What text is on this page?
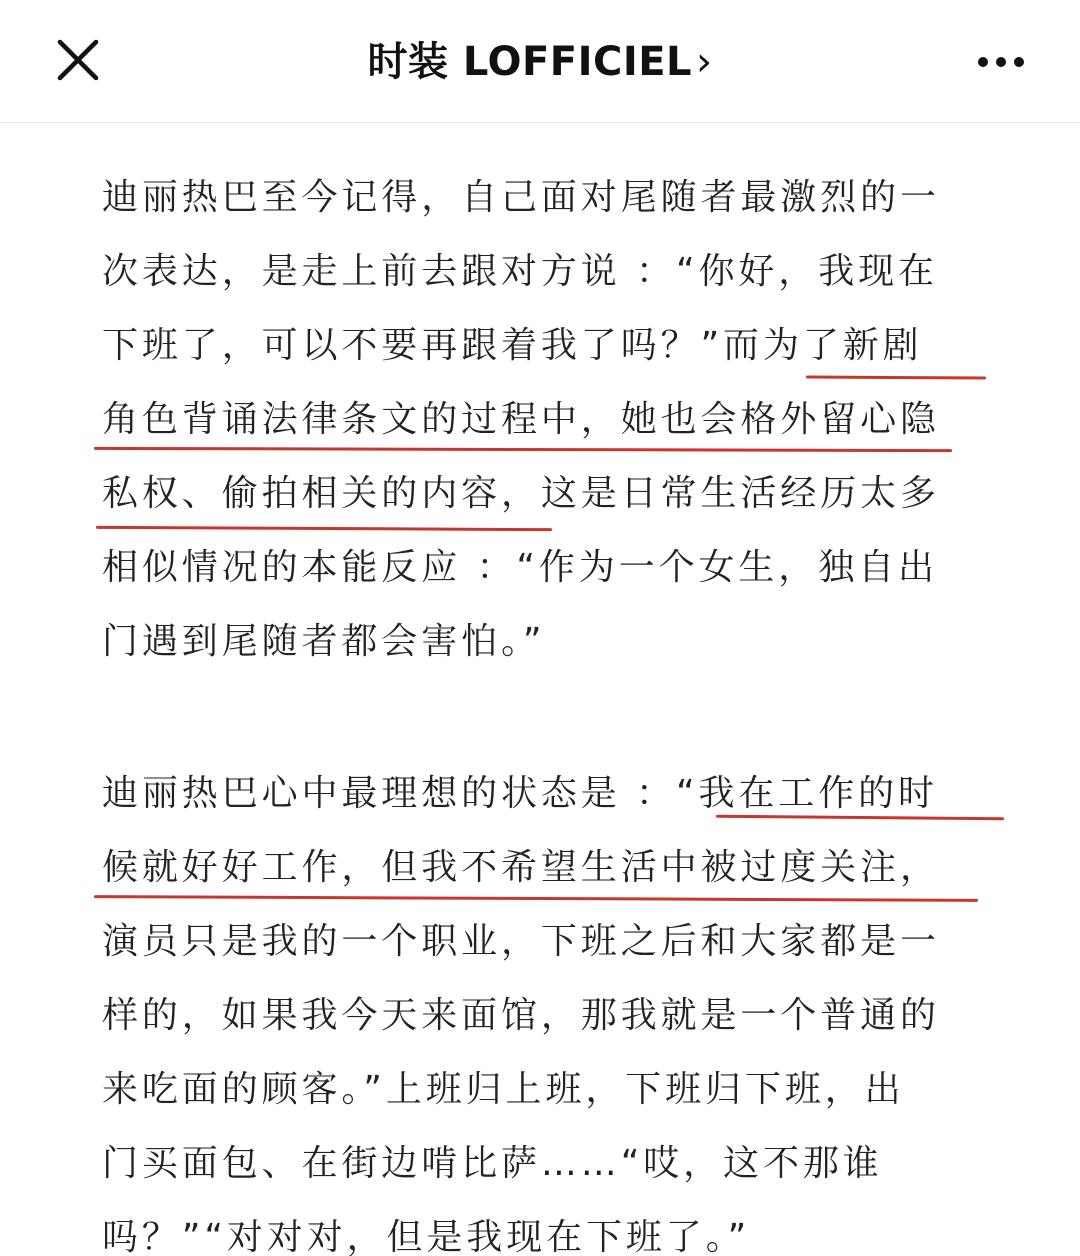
时装 LOFFICIEL ›
迪丽热巴至今记得，自己面对尾随者最激烈的一
次表达，是走上前去跟对方说 ：“你好，我现在
下班了，可以不要再跟着我了吗？”而为了新剧
角色背诵法律条文的过程中，她也会格外留心隐
私权、偷拍相关的内容，这是日常生活经历太多
相似情况的本能反应 ：“作为一个女生，独自出
门遇到尾随者都会害怕。”
迪丽热巴心中最理想的状态是 ：“我在工作的时
候就好好工作，但我不希望生活中被过度关注，
演员只是我的一个职业，下班之后和大家都是一
样的，如果我今天来面馆，那我就是一个普通的
来吃面的顾客。”上班归上班，下班归下班，出
门买面包、在街边啃比萨……“哎，这不那谁
吗？”“对对对，但是我现在下班了。”
